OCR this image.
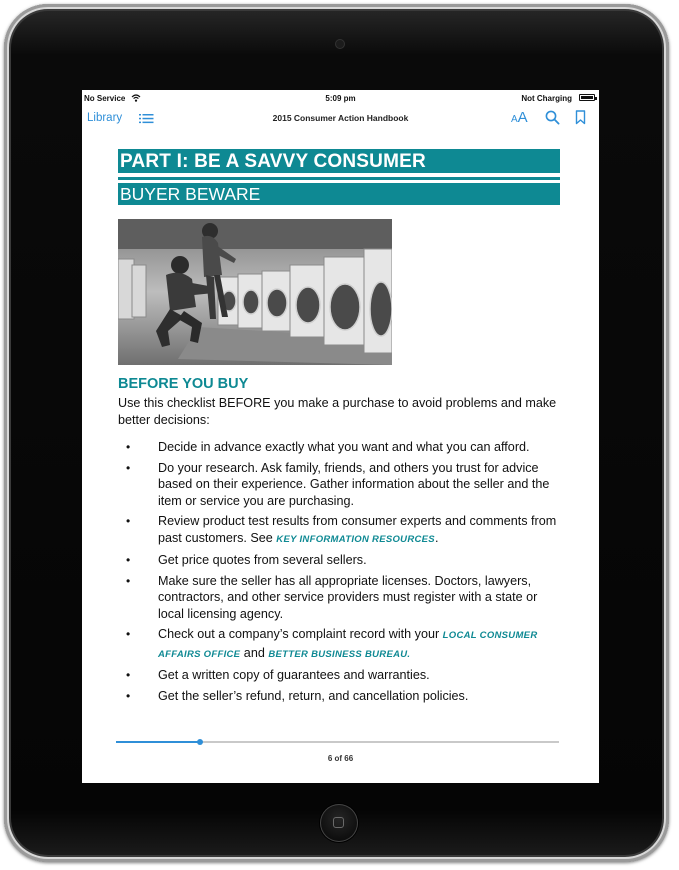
No Service	5:09 pm	Not Charging
Library	2015 Consumer Action Handbook	AA
PART I: BE A SAVVY CONSUMER
BUYER BEWARE
BEFORE YOU BUY
Use this checklist BEFORE you make a purchase to avoid problems and make better decisions:
• Decide in advance exactly what you want and what you can afford.
• Do your research. Ask family, friends, and others you trust for advice based on their experience. Gather information about the seller and the item or service you are purchasing.
• Review product test results from consumer experts and comments from past customers. See KEY INFORMATION RESOURCES.
• Get price quotes from several sellers.
• Make sure the seller has all appropriate licenses. Doctors, lawyers, contractors, and other service providers must register with a state or local licensing agency.
• Check out a company’s complaint record with your LOCAL CONSUMER AFFAIRS OFFICE and BETTER BUSINESS BUREAU.
• Get a written copy of guarantees and warranties.
• Get the seller’s refund, return, and cancellation policies.
6 of 66
